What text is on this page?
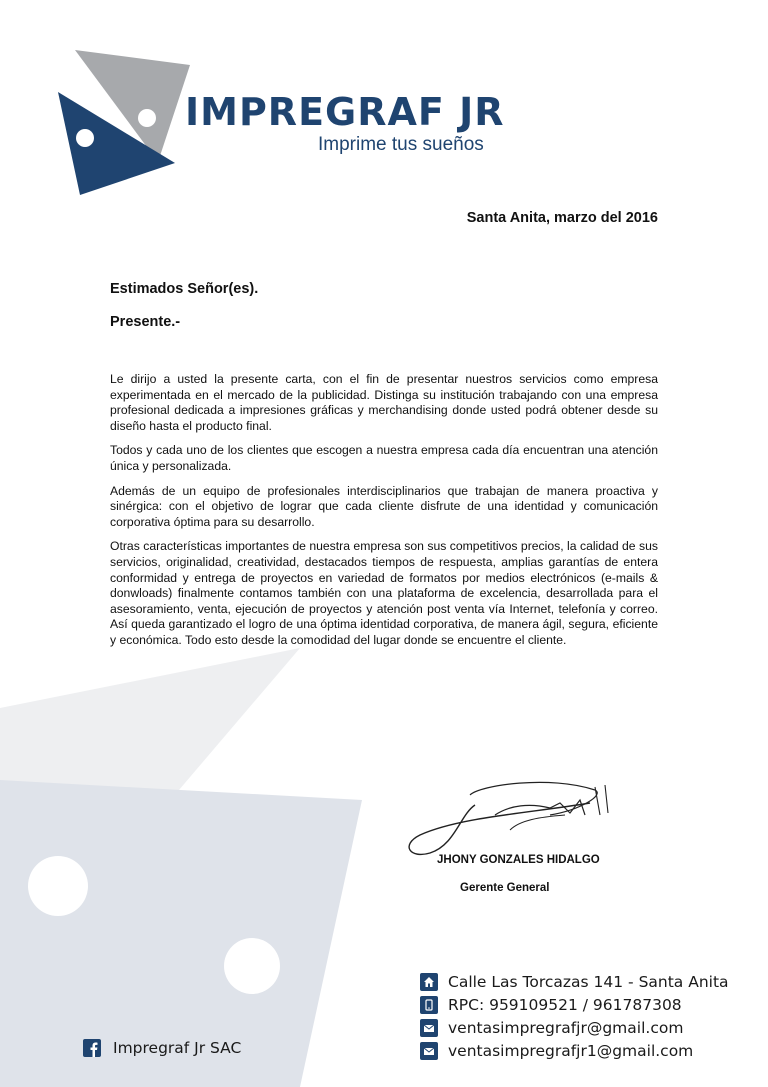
IMPREGRAF JR
Imprime tus sueños
Santa Anita, marzo del 2016
Estimados Señor(es).
Presente.-

Le dirijo a usted la presente carta, con el fin de presentar nuestros servicios como empresa experimentada en el mercado de la publicidad. Distinga su institución trabajando con una empresa profesional dedicada a impresiones gráficas y merchandising donde usted podrá obtener desde su diseño hasta el producto final.

Todos y cada uno de los clientes que escogen a nuestra empresa cada día encuentran una atención única y personalizada.

Además de un equipo de profesionales interdisciplinarios que trabajan de manera proactiva y sinérgica: con el objetivo de lograr que cada cliente disfrute de una identidad y comunicación corporativa óptima para su desarrollo.

Otras características importantes de nuestra empresa son sus competitivos precios, la calidad de sus servicios, originalidad, creatividad, destacados tiempos de respuesta, amplias garantías de entera conformidad y entrega de proyectos en variedad de formatos por medios electrónicos (e-mails & donwloads) finalmente contamos también con una plataforma de excelencia, desarrollada para el asesoramiento, venta, ejecución de proyectos y atención post venta vía Internet, telefonía y correo. Así queda garantizado el logro de una óptima identidad corporativa, de manera ágil, segura, eficiente y económica. Todo esto desde la comodidad del lugar donde se encuentre el cliente.

JHONY GONZALES HIDALGO
Gerente General
Calle Las Torcazas 141 - Santa Anita
RPC: 959109521 / 961787308
ventasimpregrafjr@gmail.com
ventasimpregrafjr1@gmail.com
Impregraf Jr SAC
